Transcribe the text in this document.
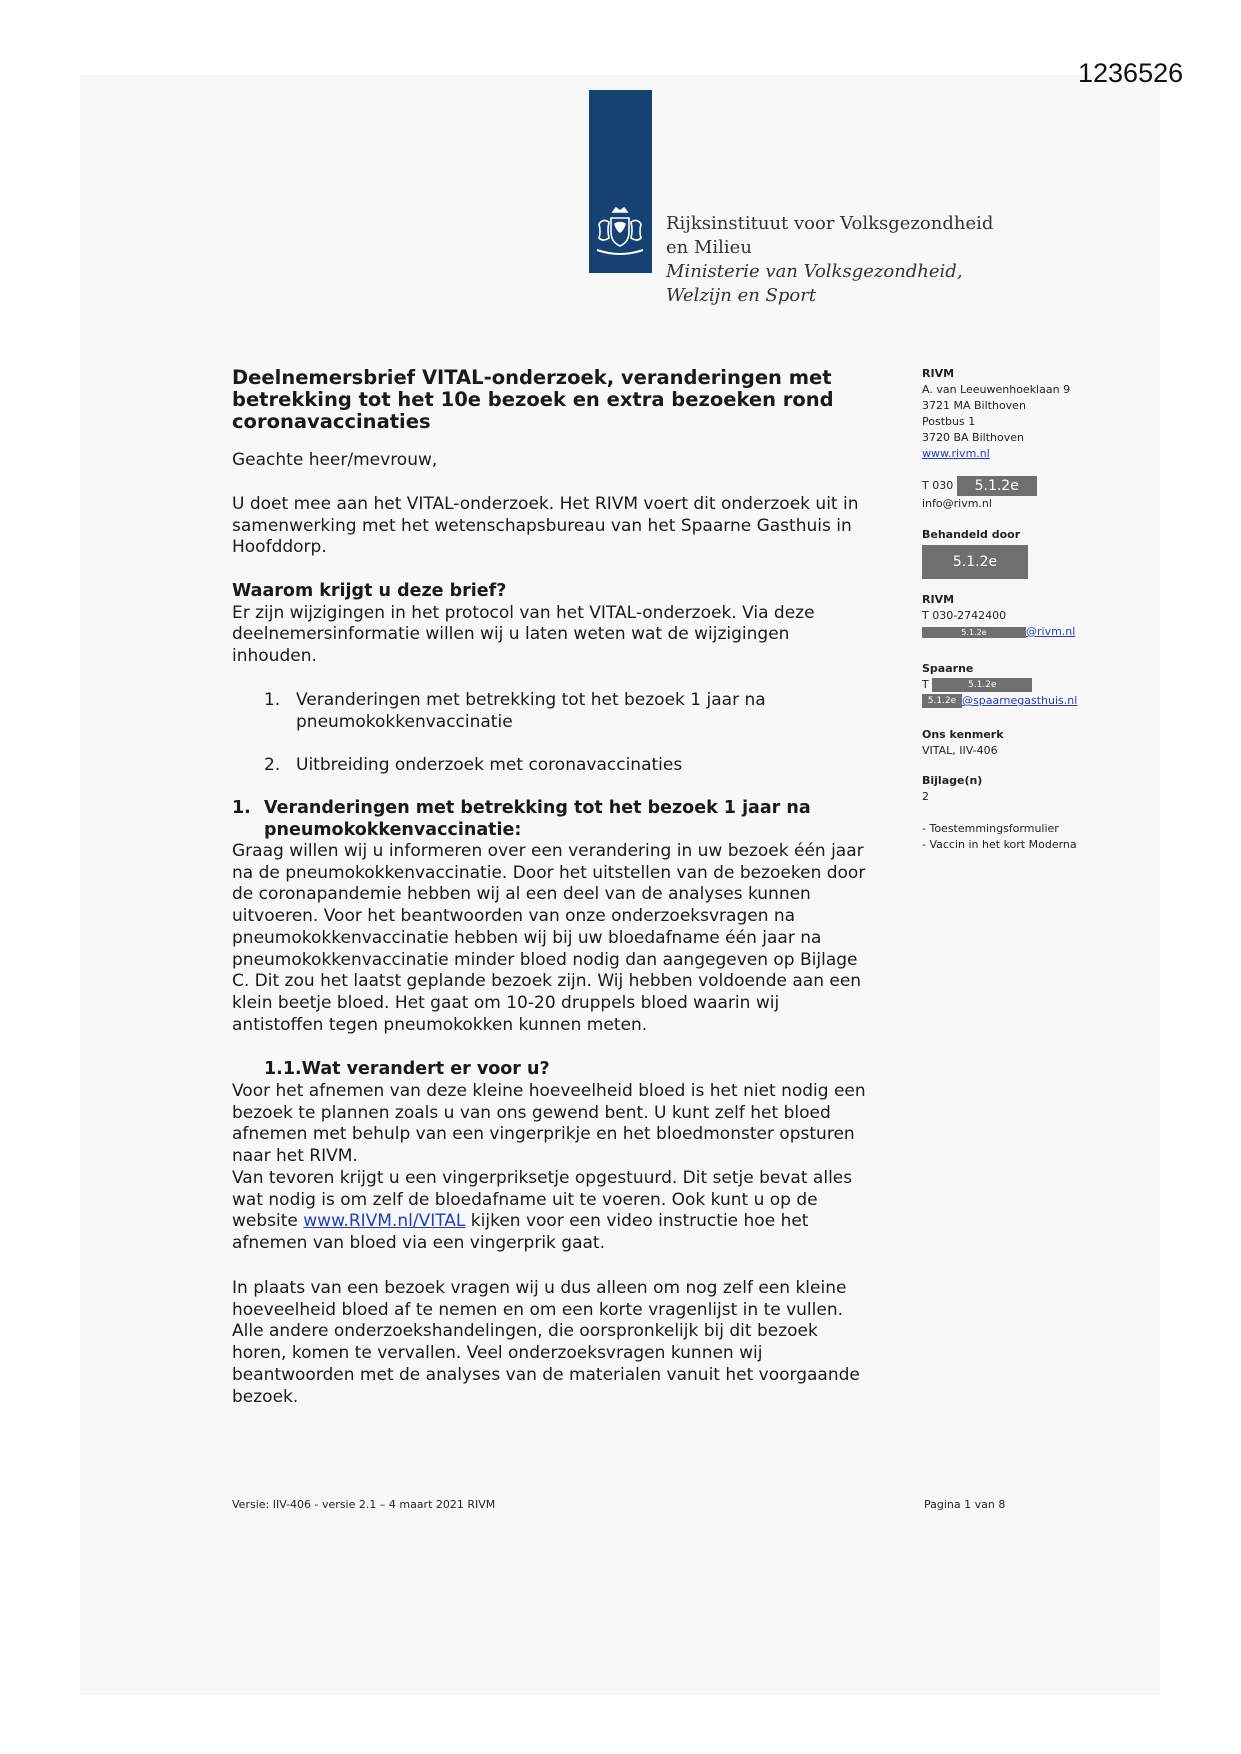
1236526
Rijksinstituut voor Volksgezondheid
en Milieu
Ministerie van Volksgezondheid,
Welzijn en Sport
Deelnemersbrief VITAL-onderzoek, veranderingen met
betrekking tot het 10e bezoek en extra bezoeken rond
coronavaccinaties
Geachte heer/mevrouw,
U doet mee aan het VITAL-onderzoek. Het RIVM voert dit onderzoek uit in
samenwerking met het wetenschapsbureau van het Spaarne Gasthuis in
Hoofddorp.
Waarom krijgt u deze brief?
Er zijn wijzigingen in het protocol van het VITAL-onderzoek. Via deze
deelnemersinformatie willen wij u laten weten wat de wijzigingen
inhouden.
1. Veranderingen met betrekking tot het bezoek 1 jaar na
pneumokokkenvaccinatie
2. Uitbreiding onderzoek met coronavaccinaties
1. Veranderingen met betrekking tot het bezoek 1 jaar na
pneumokokkenvaccinatie:
Graag willen wij u informeren over een verandering in uw bezoek één jaar
na de pneumokokkenvaccinatie. Door het uitstellen van de bezoeken door
de coronapandemie hebben wij al een deel van de analyses kunnen
uitvoeren. Voor het beantwoorden van onze onderzoeksvragen na
pneumokokkenvaccinatie hebben wij bij uw bloedafname één jaar na
pneumokokkenvaccinatie minder bloed nodig dan aangegeven op Bijlage
C. Dit zou het laatst geplande bezoek zijn. Wij hebben voldoende aan een
klein beetje bloed. Het gaat om 10-20 druppels bloed waarin wij
antistoffen tegen pneumokokken kunnen meten.
1.1.Wat verandert er voor u?
Voor het afnemen van deze kleine hoeveelheid bloed is het niet nodig een
bezoek te plannen zoals u van ons gewend bent. U kunt zelf het bloed
afnemen met behulp van een vingerprikje en het bloedmonster opsturen
naar het RIVM.
Van tevoren krijgt u een vingerpriksetje opgestuurd. Dit setje bevat alles
wat nodig is om zelf de bloedafname uit te voeren. Ook kunt u op de
website www.RIVM.nl/VITAL kijken voor een video instructie hoe het
afnemen van bloed via een vingerprik gaat.
In plaats van een bezoek vragen wij u dus alleen om nog zelf een kleine
hoeveelheid bloed af te nemen en om een korte vragenlijst in te vullen.
Alle andere onderzoekshandelingen, die oorspronkelijk bij dit bezoek
horen, komen te vervallen. Veel onderzoeksvragen kunnen wij
beantwoorden met de analyses van de materialen vanuit het voorgaande
bezoek.
RIVM
A. van Leeuwenhoeklaan 9
3721 MA Bilthoven
Postbus 1
3720 BA Bilthoven
www.rivm.nl
T 030 5.1.2e
info@rivm.nl
Behandeld door
5.1.2e
RIVM
T 030-2742400
5.1.2e	@rivm.nl
Spaarne
T	5.1.2e
5.1.2e @spaarnegasthuis.nl
Ons kenmerk
VITAL, IIV-406
Bijlage(n)
2
- Toestemmingsformulier
- Vaccin in het kort Moderna
Versie: IIV-406 - versie 2.1 – 4 maart 2021 RIVM	Pagina 1 van 8
